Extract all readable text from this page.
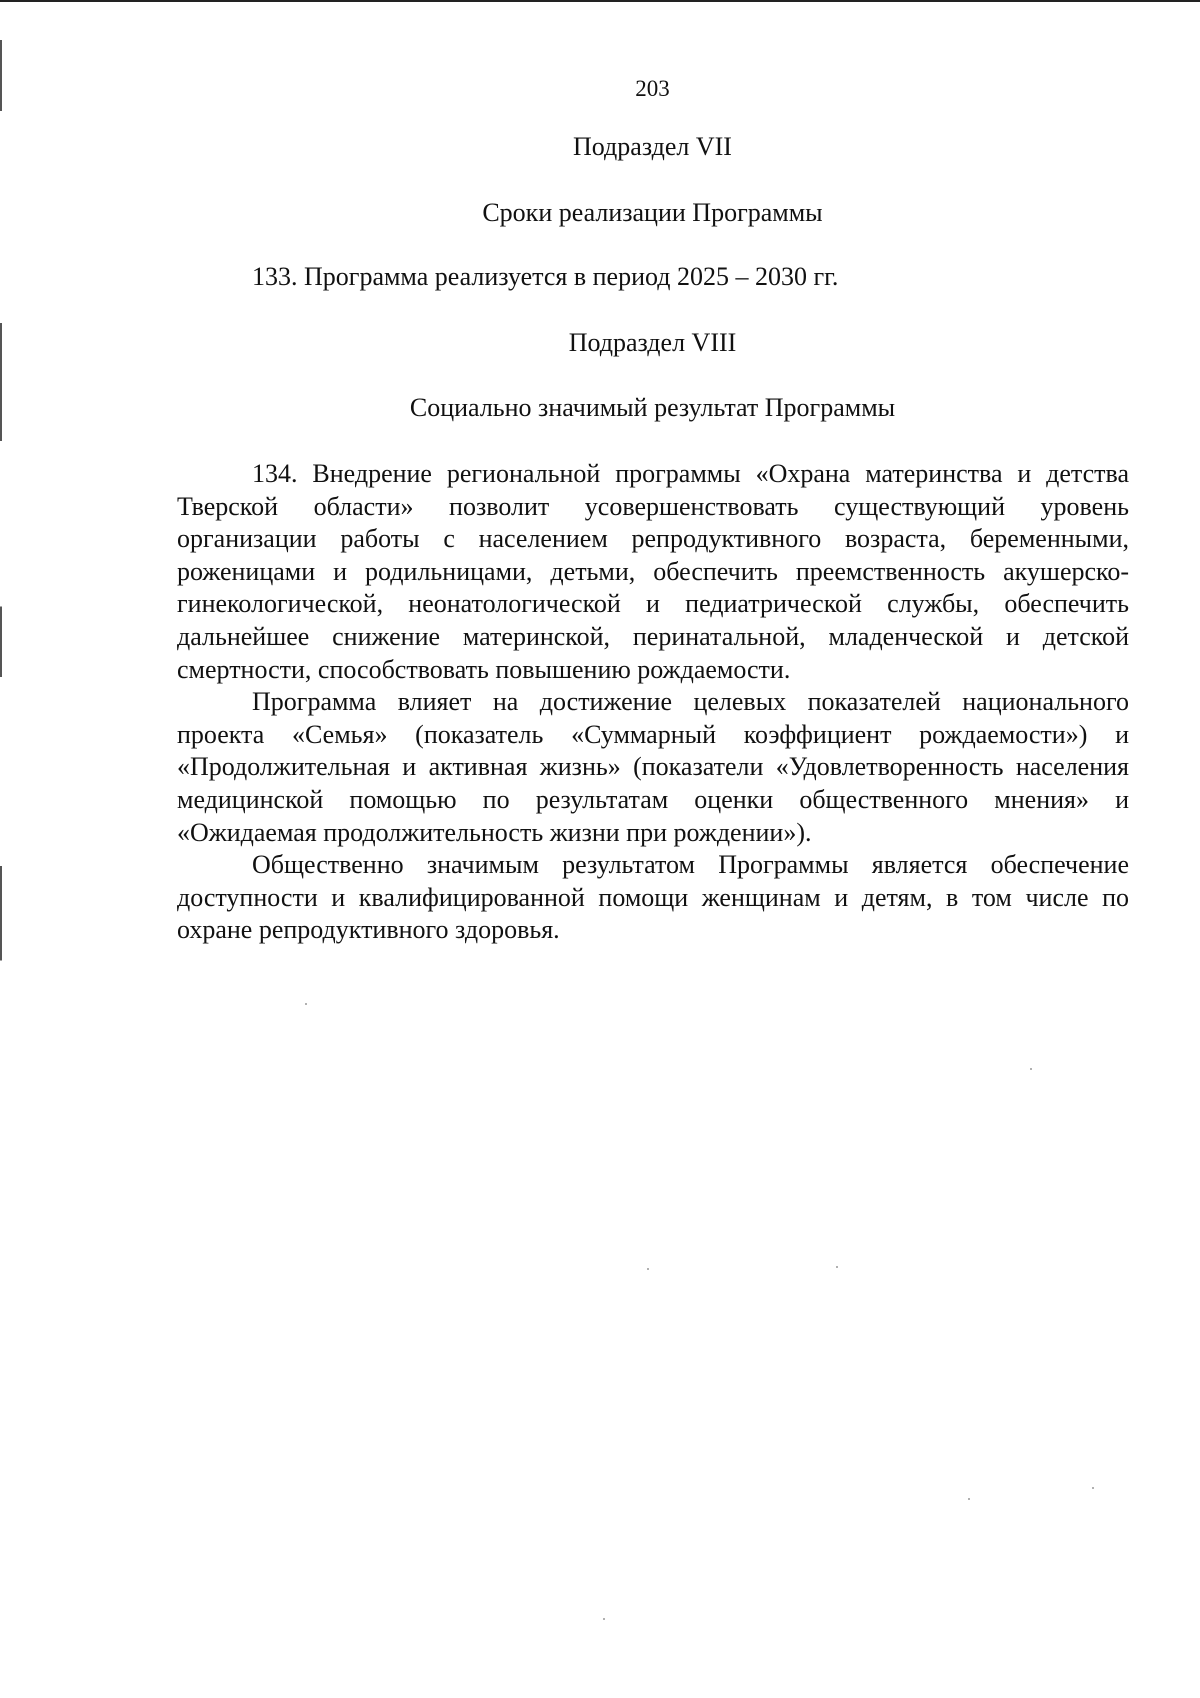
203
Подраздел VII
Сроки реализации Программы
133. Программа реализуется в период 2025 – 2030 гг.
Подраздел VIII
Социально значимый результат Программы

134. Внедрение региональной программы «Охрана материнства и детства Тверской области» позволит усовершенствовать существующий уровень организации работы с населением репродуктивного возраста, беременными, роженицами и родильницами, детьми, обеспечить преемственность акушерско-гинекологической, неонатологической и педиатрической службы, обеспечить дальнейшее снижение материнской, перинатальной, младенческой и детской смертности, способствовать повышению рождаемости.

Программа влияет на достижение целевых показателей национального проекта «Семья» (показатель «Суммарный коэффициент рождаемости») и «Продолжительная и активная жизнь» (показатели «Удовлетворенность населения медицинской помощью по результатам оценки общественного мнения» и «Ожидаемая продолжительность жизни при рождении»).

Общественно значимым результатом Программы является обеспечение доступности и квалифицированной помощи женщинам и детям, в том числе по охране репродуктивного здоровья.
